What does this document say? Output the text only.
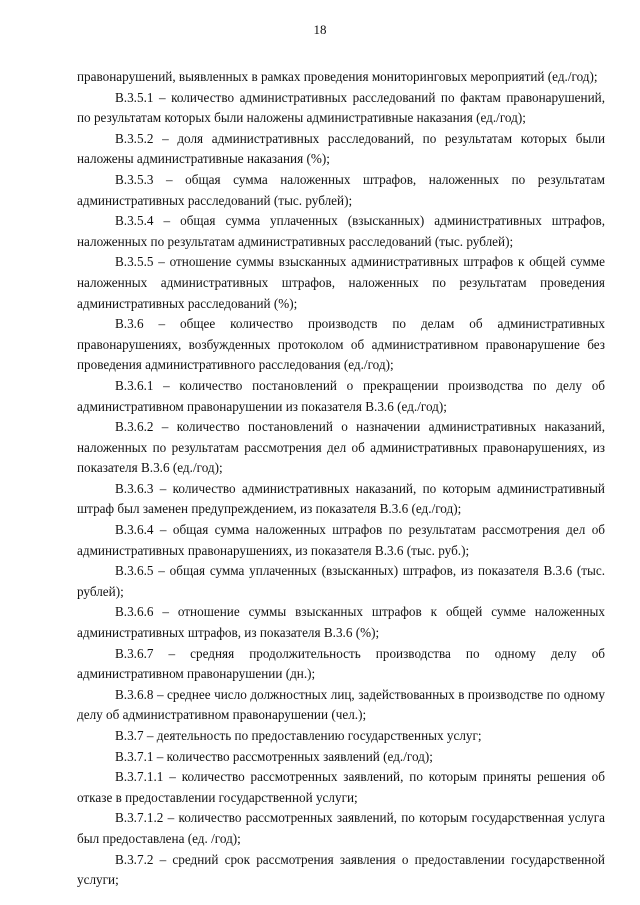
18

правонарушений, выявленных в рамках проведения мониторинговых мероприятий (ед./год);

В.3.5.1 – количество административных расследований по фактам правонарушений, по результатам которых были наложены административные наказания (ед./год);

В.3.5.2 – доля административных расследований, по результатам которых были наложены административные наказания (%);

В.3.5.3 – общая сумма наложенных штрафов, наложенных по результатам административных расследований (тыс. рублей);

В.3.5.4 – общая сумма уплаченных (взысканных) административных штрафов, наложенных по результатам административных расследований (тыс. рублей);

В.3.5.5 – отношение суммы взысканных административных штрафов к общей сумме наложенных административных штрафов, наложенных по результатам проведения административных расследований (%);

В.3.6 – общее количество производств по делам об административных правонарушениях, возбужденных протоколом об административном правонарушение без проведения административного расследования (ед./год);

В.3.6.1 – количество постановлений о прекращении производства по делу об административном правонарушении из показателя В.3.6 (ед./год);

В.3.6.2 – количество постановлений о назначении административных наказаний, наложенных по результатам рассмотрения дел об административных правонарушениях, из показателя В.3.6 (ед./год);

В.3.6.3 – количество административных наказаний, по которым административный штраф был заменен предупреждением, из показателя В.3.6 (ед./год);

В.3.6.4 – общая сумма наложенных штрафов по результатам рассмотрения дел об административных правонарушениях, из показателя В.3.6 (тыс. руб.);

В.3.6.5 – общая сумма уплаченных (взысканных) штрафов, из показателя В.3.6 (тыс. рублей);

В.3.6.6 – отношение суммы взысканных штрафов к общей сумме наложенных административных штрафов, из показателя В.3.6 (%);

В.3.6.7 – средняя продолжительность производства по одному делу об административном правонарушении (дн.);

В.3.6.8 – среднее число должностных лиц, задействованных в производстве по одному делу об административном правонарушении (чел.);

В.3.7 – деятельность по предоставлению государственных услуг;

В.3.7.1 – количество рассмотренных заявлений (ед./год);

В.3.7.1.1 – количество рассмотренных заявлений, по которым приняты решения об отказе в предоставлении государственной услуги;

В.3.7.1.2 – количество рассмотренных заявлений, по которым государственная услуга был предоставлена (ед. /год);

В.3.7.2 – средний срок рассмотрения заявления о предоставлении государственной услуги;
